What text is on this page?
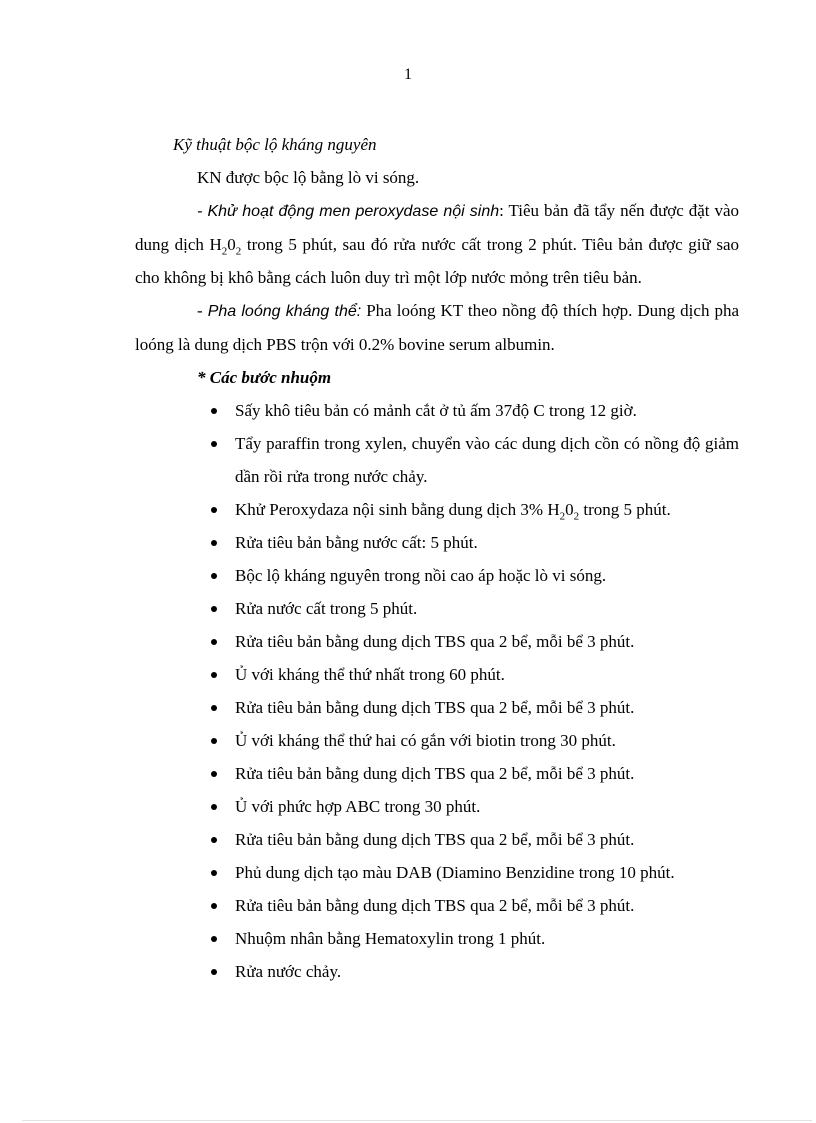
1

Kỹ thuật bộc lộ kháng nguyên

KN được bộc lộ bằng lò vi sóng.

- Khử hoạt động men peroxydase nội sinh: Tiêu bản đã tẩy nến được đặt vào dung dịch $H_20_2$ trong 5 phút, sau đó rửa nước cất trong 2 phút. Tiêu bản được giữ sao cho không bị khô bằng cách luôn duy trì một lớp nước mỏng trên tiêu bản.

- Pha loóng kháng thể: Pha loóng KT theo nồng độ thích hợp. Dung dịch pha loóng là dung dịch PBS trộn với 0.2% bovine serum albumin.

* Các bước nhuộm

Sấy khô tiêu bản có mảnh cắt ở tủ ấm 37độ C trong 12 giờ.
Tẩy paraffin trong xylen, chuyển vào các dung dịch cồn có nồng độ giảm dần rồi rửa trong nước chảy.
Khử Peroxydaza nội sinh bằng dung dịch 3% $H_20_2$ trong 5 phút.
Rửa tiêu bản bằng nước cất: 5 phút.
Bộc lộ kháng nguyên trong nồi cao áp hoặc lò vi sóng.
Rửa nước cất trong 5 phút.
Rửa tiêu bản bằng dung dịch TBS qua 2 bể, mỗi bể 3 phút.
Ủ với kháng thể thứ nhất trong 60 phút.
Rửa tiêu bản bằng dung dịch TBS qua 2 bể, mỗi bể 3 phút.
Ủ với kháng thể thứ hai có gắn với biotin trong 30 phút.
Rửa tiêu bản bằng dung dịch TBS qua 2 bể, mỗi bể 3 phút.
Ủ với phức hợp ABC trong 30 phút.
Rửa tiêu bản bằng dung dịch TBS qua 2 bể, mỗi bể 3 phút.
Phủ dung dịch tạo màu DAB (Diamino Benzidine trong 10 phút.
Rửa tiêu bản bằng dung dịch TBS qua 2 bể, mỗi bể 3 phút.
Nhuộm nhân bằng Hematoxylin trong 1 phút.
Rửa nước chảy.
